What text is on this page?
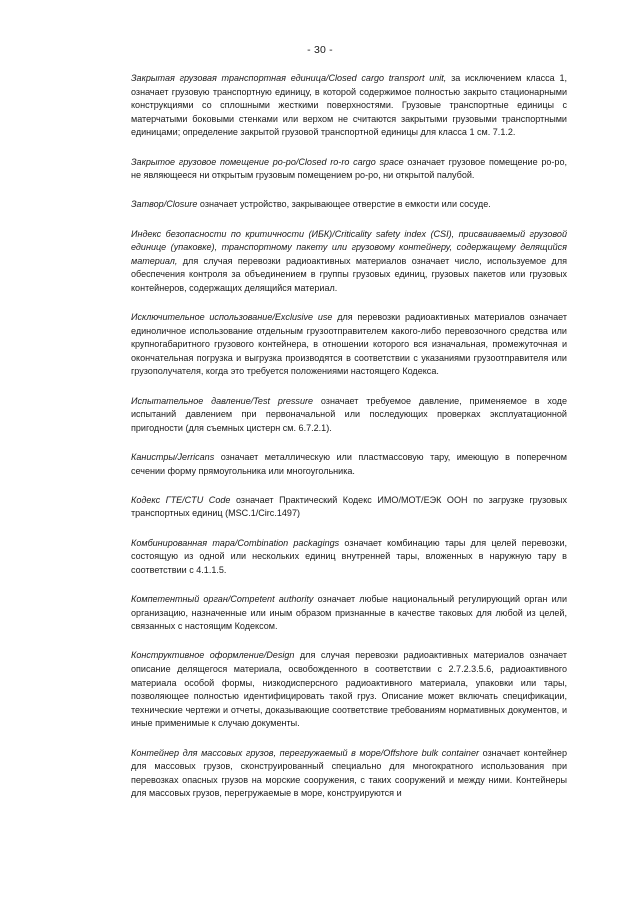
- 30 -

Закрытая грузовая транспортная единица/Closed cargo transport unit, за исключением класса 1, означает грузовую транспортную единицу, в которой содержимое полностью закрыто стационарными конструкциями со сплошными жесткими поверхностями. Грузовые транспортные единицы с матерчатыми боковыми стенками или верхом не считаются закрытыми грузовыми транспортными единицами; определение закрытой грузовой транспортной единицы для класса 1 см. 7.1.2.

Закрытое грузовое помещение ро-ро/Closed ro-ro cargo space означает грузовое помещение ро-ро, не являющееся ни открытым грузовым помещением ро-ро, ни открытой палубой.

Затвор/Closure означает устройство, закрывающее отверстие в емкости или сосуде.

Индекс безопасности по критичности (ИБК)/Criticality safety index (CSI), присваиваемый грузовой единице (упаковке), транспортному пакету или грузовому контейнеру, содержащему делящийся материал, для случая перевозки радиоактивных материалов означает число, используемое для обеспечения контроля за объединением в группы грузовых единиц, грузовых пакетов или грузовых контейнеров, содержащих делящийся материал.

Исключительное использование/Exclusive use для перевозки радиоактивных материалов означает единоличное использование отдельным грузоотправителем какого-либо перевозочного средства или крупногабаритного грузового контейнера, в отношении которого вся изначальная, промежуточная и окончательная погрузка и выгрузка производятся в соответствии с указаниями грузоотправителя или грузополучателя, когда это требуется положениями настоящего Кодекса.

Испытательное давление/Test pressure означает требуемое давление, применяемое в ходе испытаний давлением при первоначальной или последующих проверках эксплуатационной пригодности (для съемных цистерн см. 6.7.2.1).

Канистры/Jerricans означает металлическую или пластмассовую тару, имеющую в поперечном сечении форму прямоугольника или многоугольника.

Кодекс ГТЕ/CTU Code означает Практический Кодекс ИМО/МОТ/ЕЭК ООН по загрузке грузовых транспортных единиц (MSC.1/Circ.1497)

Комбинированная тара/Combination packagings означает комбинацию тары для целей перевозки, состоящую из одной или нескольких единиц внутренней тары, вложенных в наружную тару в соответствии с 4.1.1.5.

Компетентный орган/Competent authority означает любые национальный регулирующий орган или организацию, назначенные или иным образом признанные в качестве таковых для любой из целей, связанных с настоящим Кодексом.

Конструктивное оформление/Design для случая перевозки радиоактивных материалов означает описание делящегося материала, освобожденного в соответствии с 2.7.2.3.5.6, радиоактивного материала особой формы, низкодисперсного радиоактивного материала, упаковки или тары, позволяющее полностью идентифицировать такой груз. Описание может включать спецификации, технические чертежи и отчеты, доказывающие соответствие требованиям нормативных документов, и иные применимые к случаю документы.

Контейнер для массовых грузов, перегружаемый в море/Offshore bulk container означает контейнер для массовых грузов, сконструированный специально для многократного использования при перевозках опасных грузов на морские сооружения, с таких сооружений и между ними. Контейнеры для массовых грузов, перегружаемые в море, конструируются и
